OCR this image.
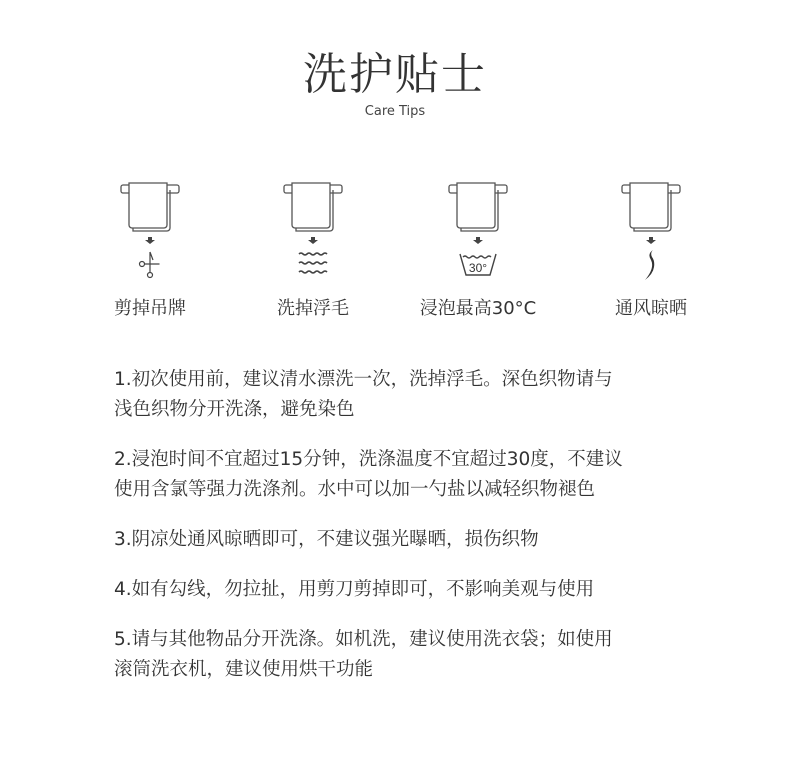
洗护贴士
Care Tips
剪掉吊牌	洗掉浮毛
30°
浸泡最高30°C	通风晾晒
1.初次使用前，建议清水漂洗一次，洗掉浮毛。深色织物请与
浅色织物分开洗涤，避免染色
2.浸泡时间不宜超过15分钟，洗涤温度不宜超过30度，不建议
使用含氯等强力洗涤剂。水中可以加一勺盐以减轻织物褪色
3.阴凉处通风晾晒即可，不建议强光曝晒，损伤织物
4.如有勾线，勿拉扯，用剪刀剪掉即可，不影响美观与使用
5.请与其他物品分开洗涤。如机洗，建议使用洗衣袋；如使用
滚筒洗衣机，建议使用烘干功能
